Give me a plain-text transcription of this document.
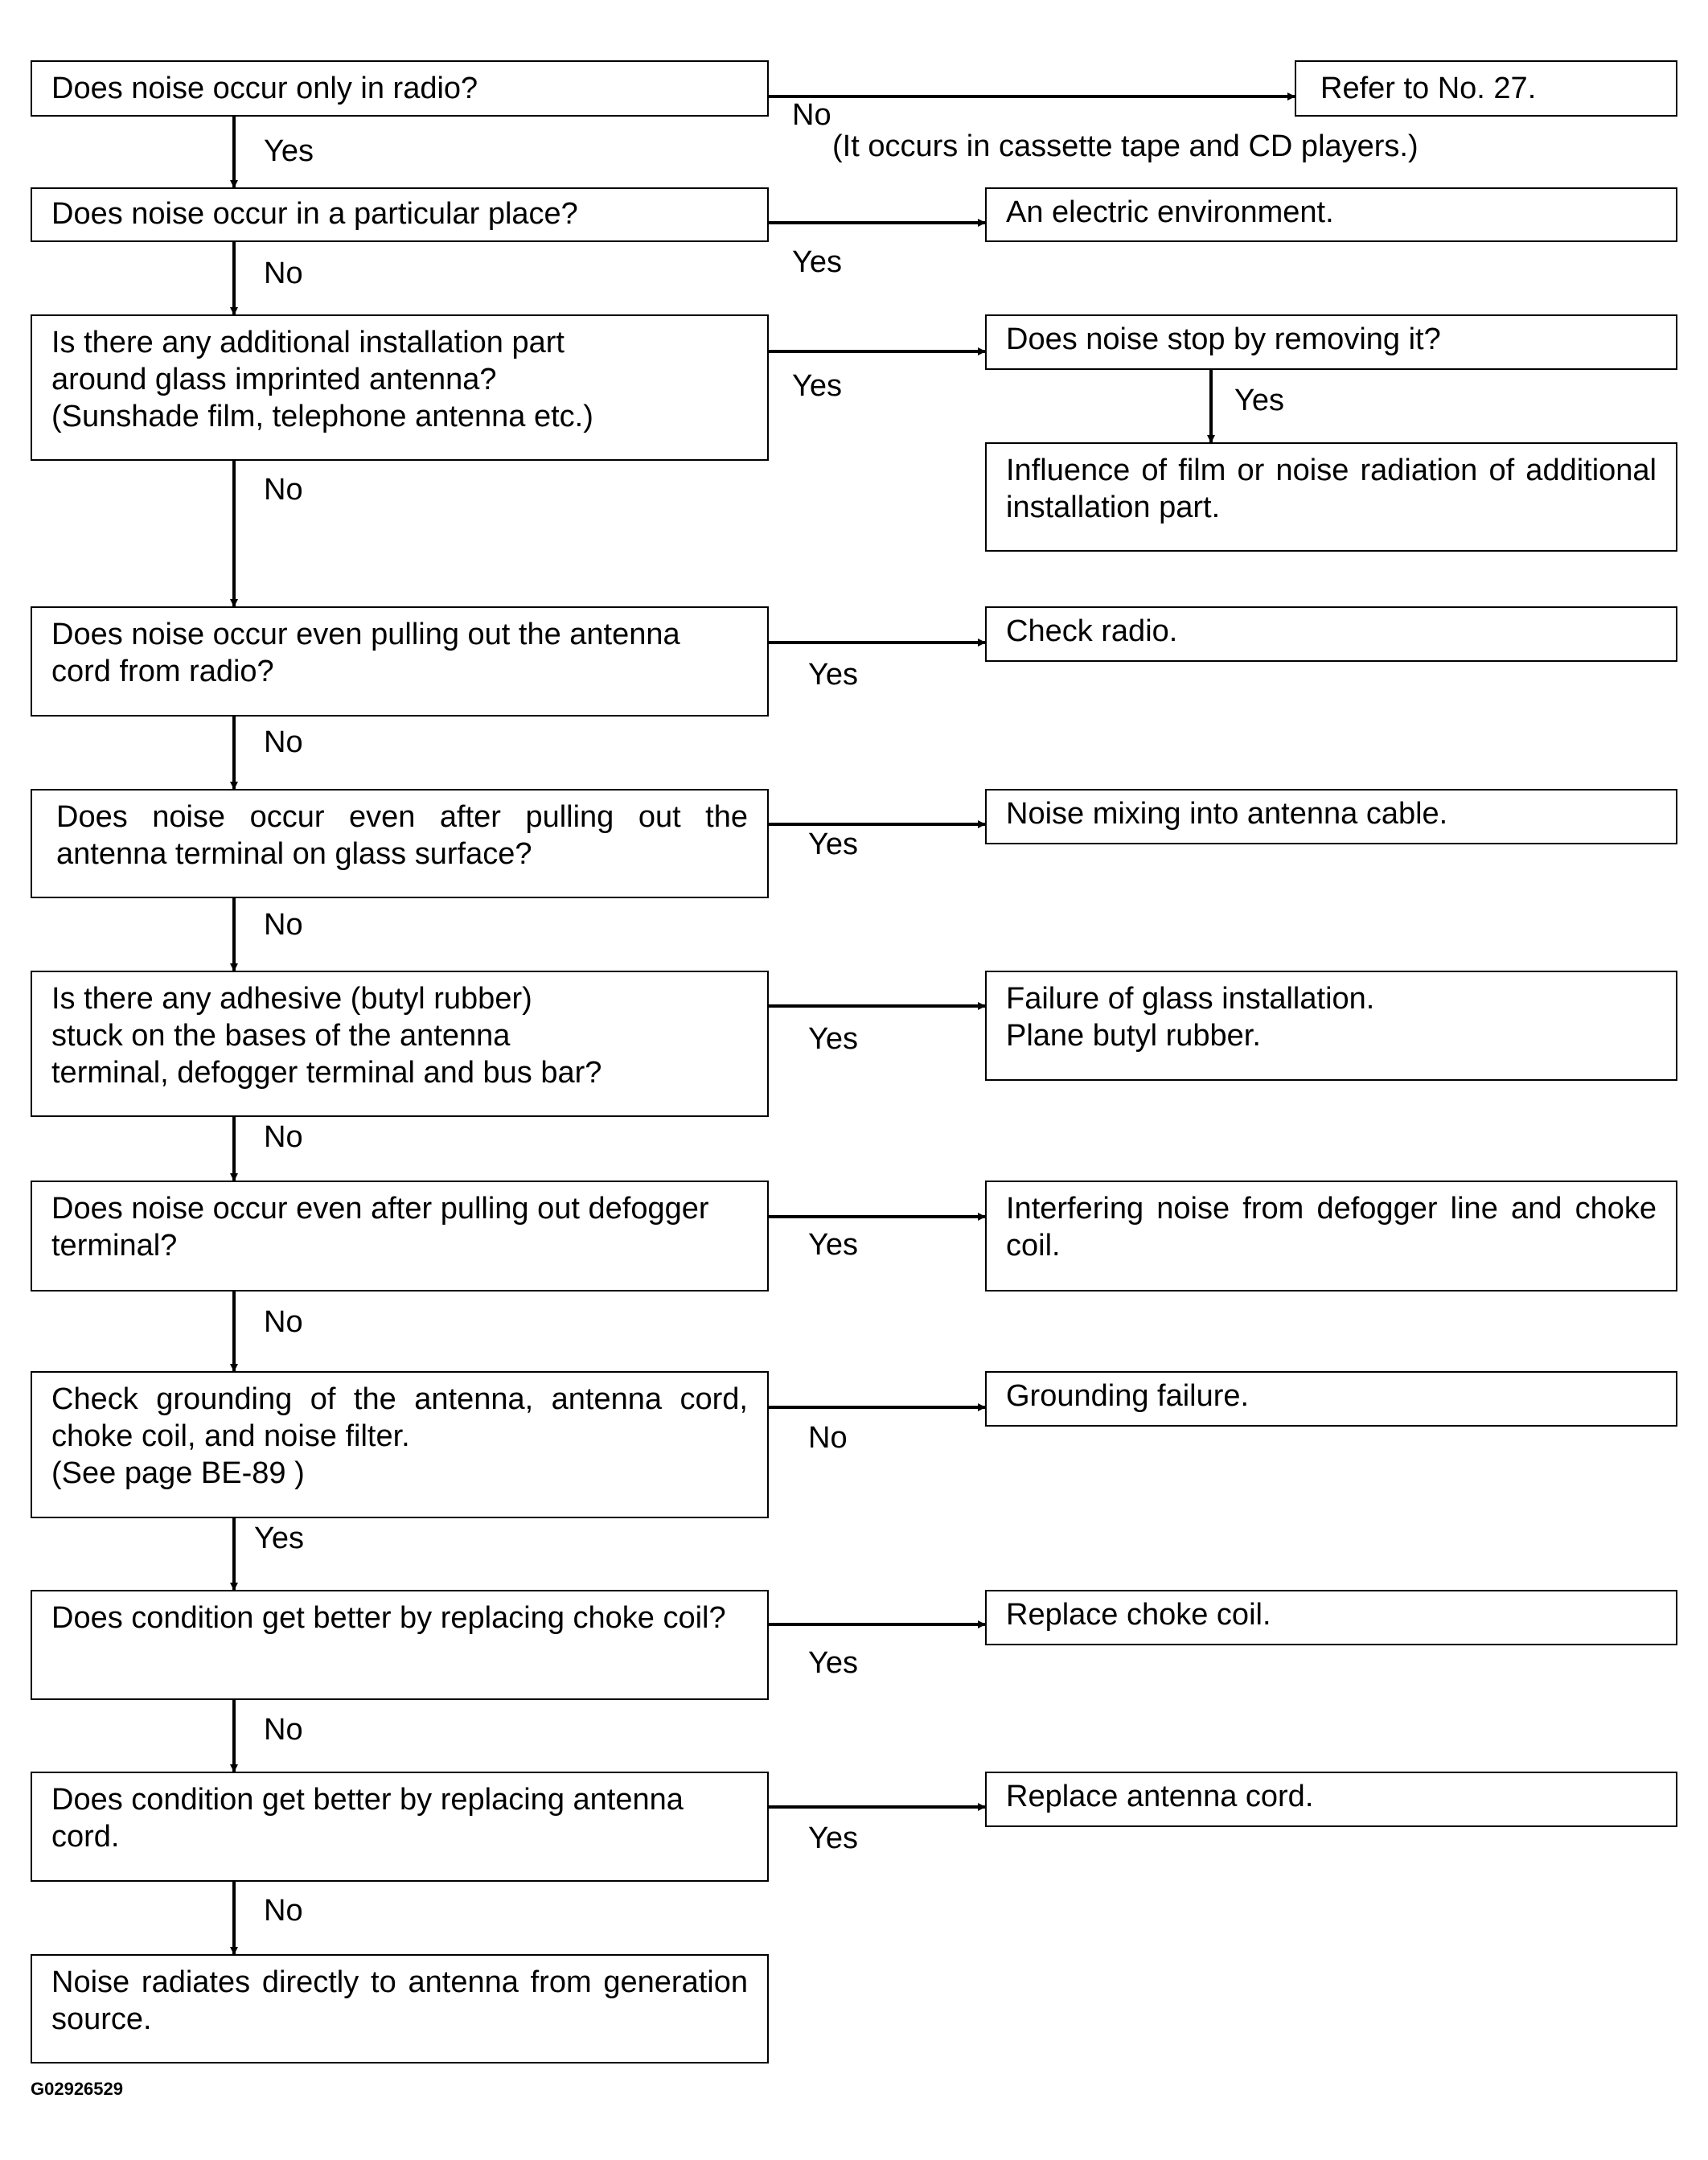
Does noise occur only in radio?
Does noise occur in a particular place?
Is there any additional installation part
around glass imprinted antenna?
(Sunshade film, telephone antenna etc.)
Does noise occur even pulling out the antenna
cord from radio?
Does noise occur even after pulling out the antenna terminal on glass surface?
Is there any adhesive (butyl rubber)
stuck on the bases of the antenna
terminal, defogger terminal and bus bar?
Does noise occur even after pulling out defogger
terminal?
Check grounding of the antenna, antenna cord, choke coil, and noise filter.
(See page BE-89 )
Does condition get better by replacing choke coil?
Does condition get better by replacing antenna
cord.
Noise radiates directly to antenna from generation source.
Refer to No. 27.
An electric environment.
Does noise stop by removing it?
Influence of film or noise radiation of additional installation part.
Check radio.
Noise mixing into antenna cable.
Failure of glass installation.
Plane butyl rubber.
Interfering noise from defogger line and choke coil.
Grounding failure.
Replace choke coil.
Replace antenna cord.
No
(It occurs in cassette tape and CD players.)
Yes
Yes
No
Yes	Yes
No
Yes
No
Yes
No
Yes
No
Yes
No
No
Yes
Yes
No
Yes
No
G02926529
